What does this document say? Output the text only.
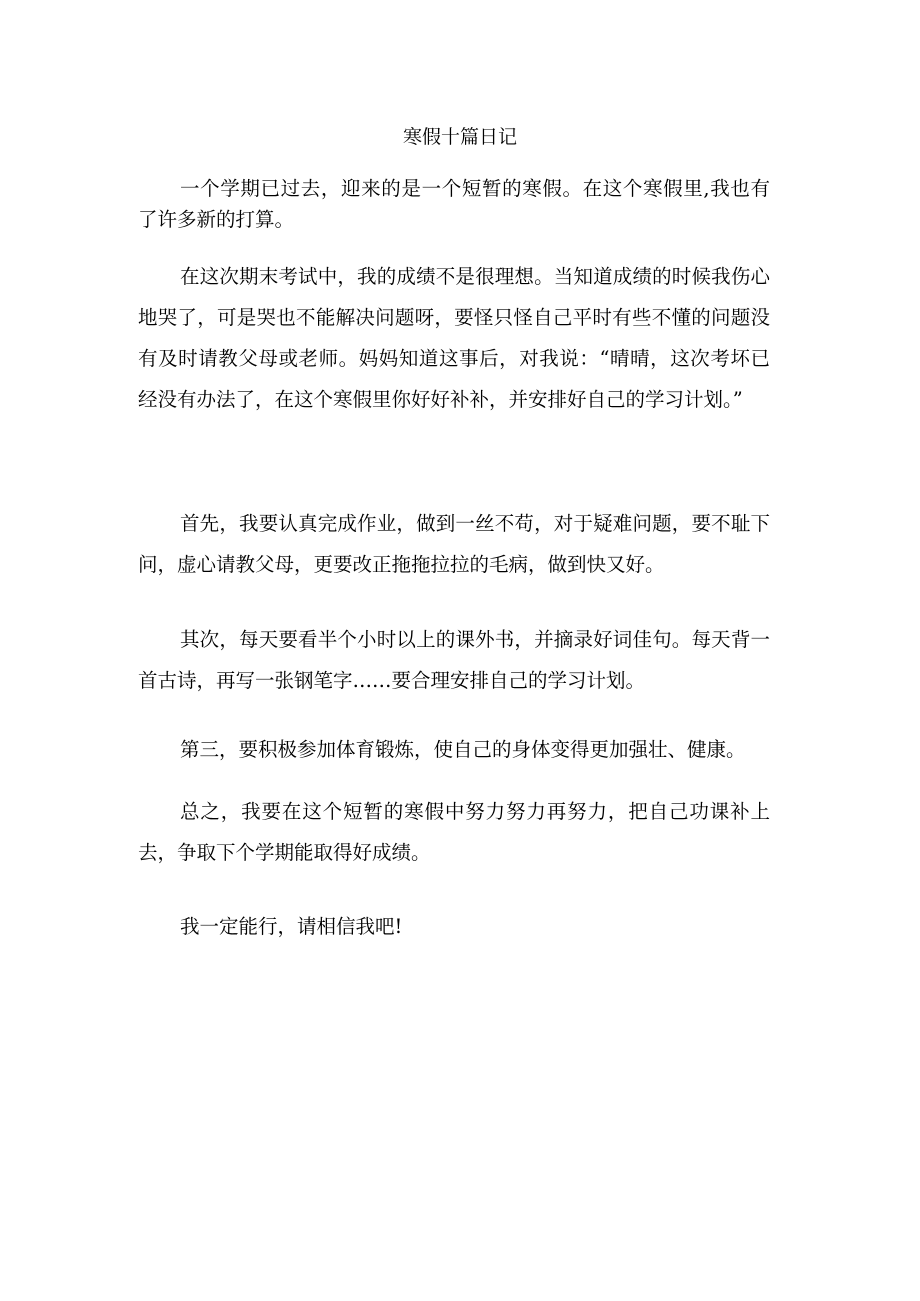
寒假十篇日记

一个学期已过去，迎来的是一个短暂的寒假。在这个寒假里,我也有了许多新的打算。

在这次期末考试中，我的成绩不是很理想。当知道成绩的时候我伤心地哭了，可是哭也不能解决问题呀，要怪只怪自己平时有些不懂的问题没有及时请教父母或老师。妈妈知道这事后，对我说：“晴晴，这次考坏已经没有办法了，在这个寒假里你好好补补，并安排好自己的学习计划。”

首先，我要认真完成作业，做到一丝不苟，对于疑难问题，要不耻下问，虚心请教父母，更要改正拖拖拉拉的毛病，做到快又好。

其次，每天要看半个小时以上的课外书，并摘录好词佳句。每天背一首古诗，再写一张钢笔字……要合理安排自己的学习计划。

第三，要积极参加体育锻炼，使自己的身体变得更加强壮、健康。

总之，我要在这个短暂的寒假中努力努力再努力，把自己功课补上去，争取下个学期能取得好成绩。

我一定能行，请相信我吧!
